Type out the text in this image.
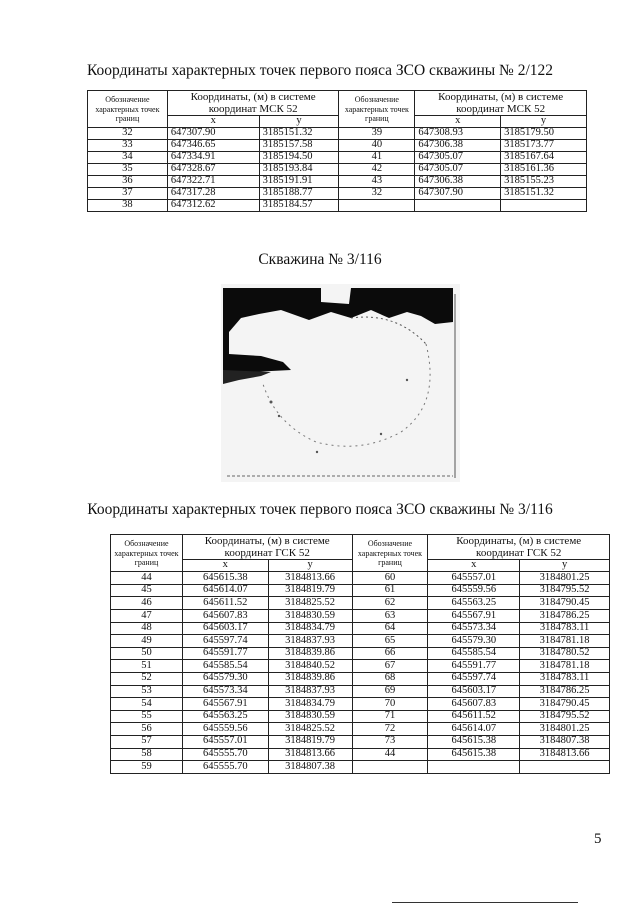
Координаты характерных точек первого пояса ЗСО скважины № 2/122
Обозначение характерных точек границ	Координаты, (м) в системе координат МСК 52		Обозначение характерных точек границ	Координаты, (м) в системе координат МСК 52	
	x	y		x	y
32	647307.90	3185151.32	39	647308.93	3185179.50
33	647346.65	3185157.58	40	647306.38	3185173.77
34	647334.91	3185194.50	41	647305.07	3185167.64
35	647328.67	3185193.84	42	647305.07	3185161.36
36	647322.71	3185191.91	43	647306.38	3185155.23
37	647317.28	3185188.77	32	647307.90	3185151.32
38	647312.62	3185184.57			
Скважина № 3/116
Координаты характерных точек первого пояса ЗСО скважины № 3/116
Обозначение характерных точек границ	Координаты, (м) в системе координат ГСК 52		Обозначение характерных точек границ	Координаты, (м) в системе координат ГСК 52	
	x	y		x	y
44	645615.38	3184813.66	60	645557.01	3184801.25
45	645614.07	3184819.79	61	645559.56	3184795.52
46	645611.52	3184825.52	62	645563.25	3184790.45
47	645607.83	3184830.59	63	645567.91	3184786.25
48	645603.17	3184834.79	64	645573.34	3184783.11
49	645597.74	3184837.93	65	645579.30	3184781.18
50	645591.77	3184839.86	66	645585.54	3184780.52
51	645585.54	3184840.52	67	645591.77	3184781.18
52	645579.30	3184839.86	68	645597.74	3184783.11
53	645573.34	3184837.93	69	645603.17	3184786.25
54	645567.91	3184834.79	70	645607.83	3184790.45
55	645563.25	3184830.59	71	645611.52	3184795.52
56	645559.56	3184825.52	72	645614.07	3184801.25
57	645557.01	3184819.79	73	645615.38	3184807.38
58	645555.70	3184813.66	44	645615.38	3184813.66
59	645555.70	3184807.38			
5
